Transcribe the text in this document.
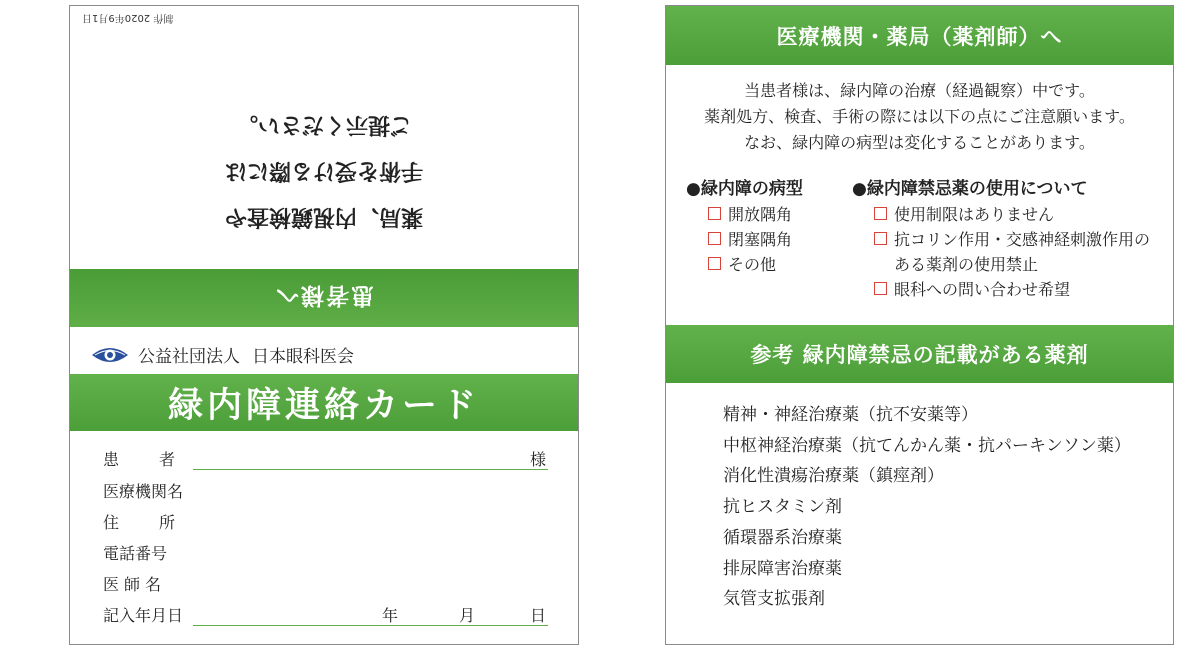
患者様へ
薬局、内視鏡検査や
手術を受ける際には
ご提示ください。
制作 2020年9月1日
公益社団法人 日本眼科医会
緑内障連絡カード
患　者	様
医療機関名
住　所
電話番号
医師名
記入年月日	年	月	日
医療機関・薬局（薬剤師）へ
当患者様は、緑内障の治療（経過観察）中です。
薬剤処方、検査、手術の際には以下の点にご注意願います。
なお、緑内障の病型は変化することがあります。
●緑内障の病型
開放隅角
閉塞隅角
その他
●緑内障禁忌薬の使用について
使用制限はありません
抗コリン作用・交感神経刺激作用のある薬剤の使用禁止
眼科への問い合わせ希望
参考 緑内障禁忌の記載がある薬剤
精神・神経治療薬（抗不安薬等）
中枢神経治療薬（抗てんかん薬・抗パーキンソン薬）
消化性潰瘍治療薬（鎮痙剤）
抗ヒスタミン剤
循環器系治療薬
排尿障害治療薬
気管支拡張剤
